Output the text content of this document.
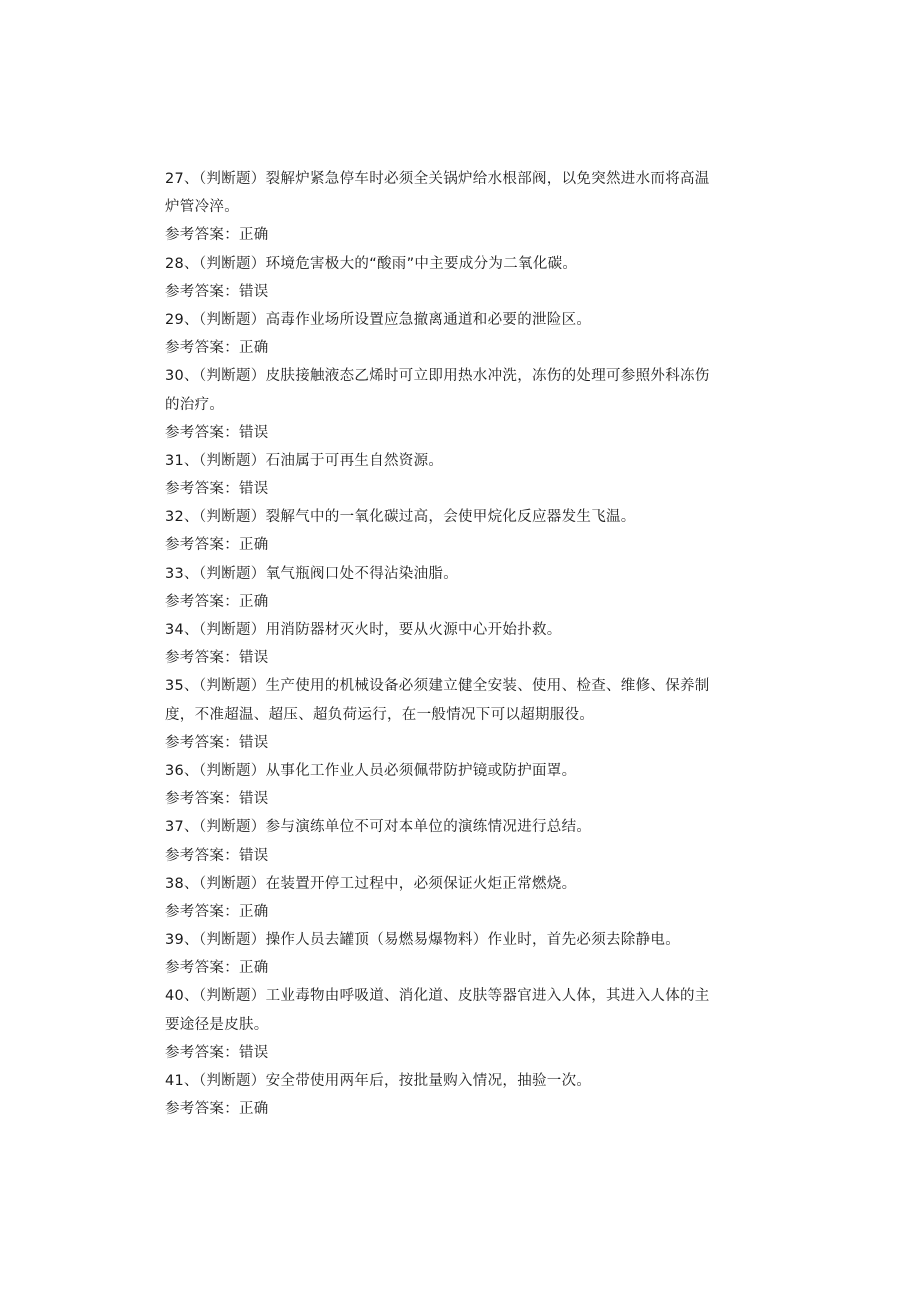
27、（判断题）裂解炉紧急停车时必须全关锅炉给水根部阀，以免突然进水而将高温
炉管冷淬。
参考答案：正确
28、（判断题）环境危害极大的“酸雨”中主要成分为二氧化碳。
参考答案：错误
29、（判断题）高毒作业场所设置应急撤离通道和必要的泄险区。
参考答案：正确
30、（判断题）皮肤接触液态乙烯时可立即用热水冲洗，冻伤的处理可参照外科冻伤
的治疗。
参考答案：错误
31、（判断题）石油属于可再生自然资源。
参考答案：错误
32、（判断题）裂解气中的一氧化碳过高，会使甲烷化反应器发生飞温。
参考答案：正确
33、（判断题）氧气瓶阀口处不得沾染油脂。
参考答案：正确
34、（判断题）用消防器材灭火时，要从火源中心开始扑救。
参考答案：错误
35、（判断题）生产使用的机械设备必须建立健全安装、使用、检查、维修、保养制
度，不准超温、超压、超负荷运行，在一般情况下可以超期服役。
参考答案：错误
36、（判断题）从事化工作业人员必须佩带防护镜或防护面罩。
参考答案：错误
37、（判断题）参与演练单位不可对本单位的演练情况进行总结。
参考答案：错误
38、（判断题）在装置开停工过程中，必须保证火炬正常燃烧。
参考答案：正确
39、（判断题）操作人员去罐顶（易燃易爆物料）作业时，首先必须去除静电。
参考答案：正确
40、（判断题）工业毒物由呼吸道、消化道、皮肤等器官进入人体，其进入人体的主
要途径是皮肤。
参考答案：错误
41、（判断题）安全带使用两年后，按批量购入情况，抽验一次。
参考答案：正确
